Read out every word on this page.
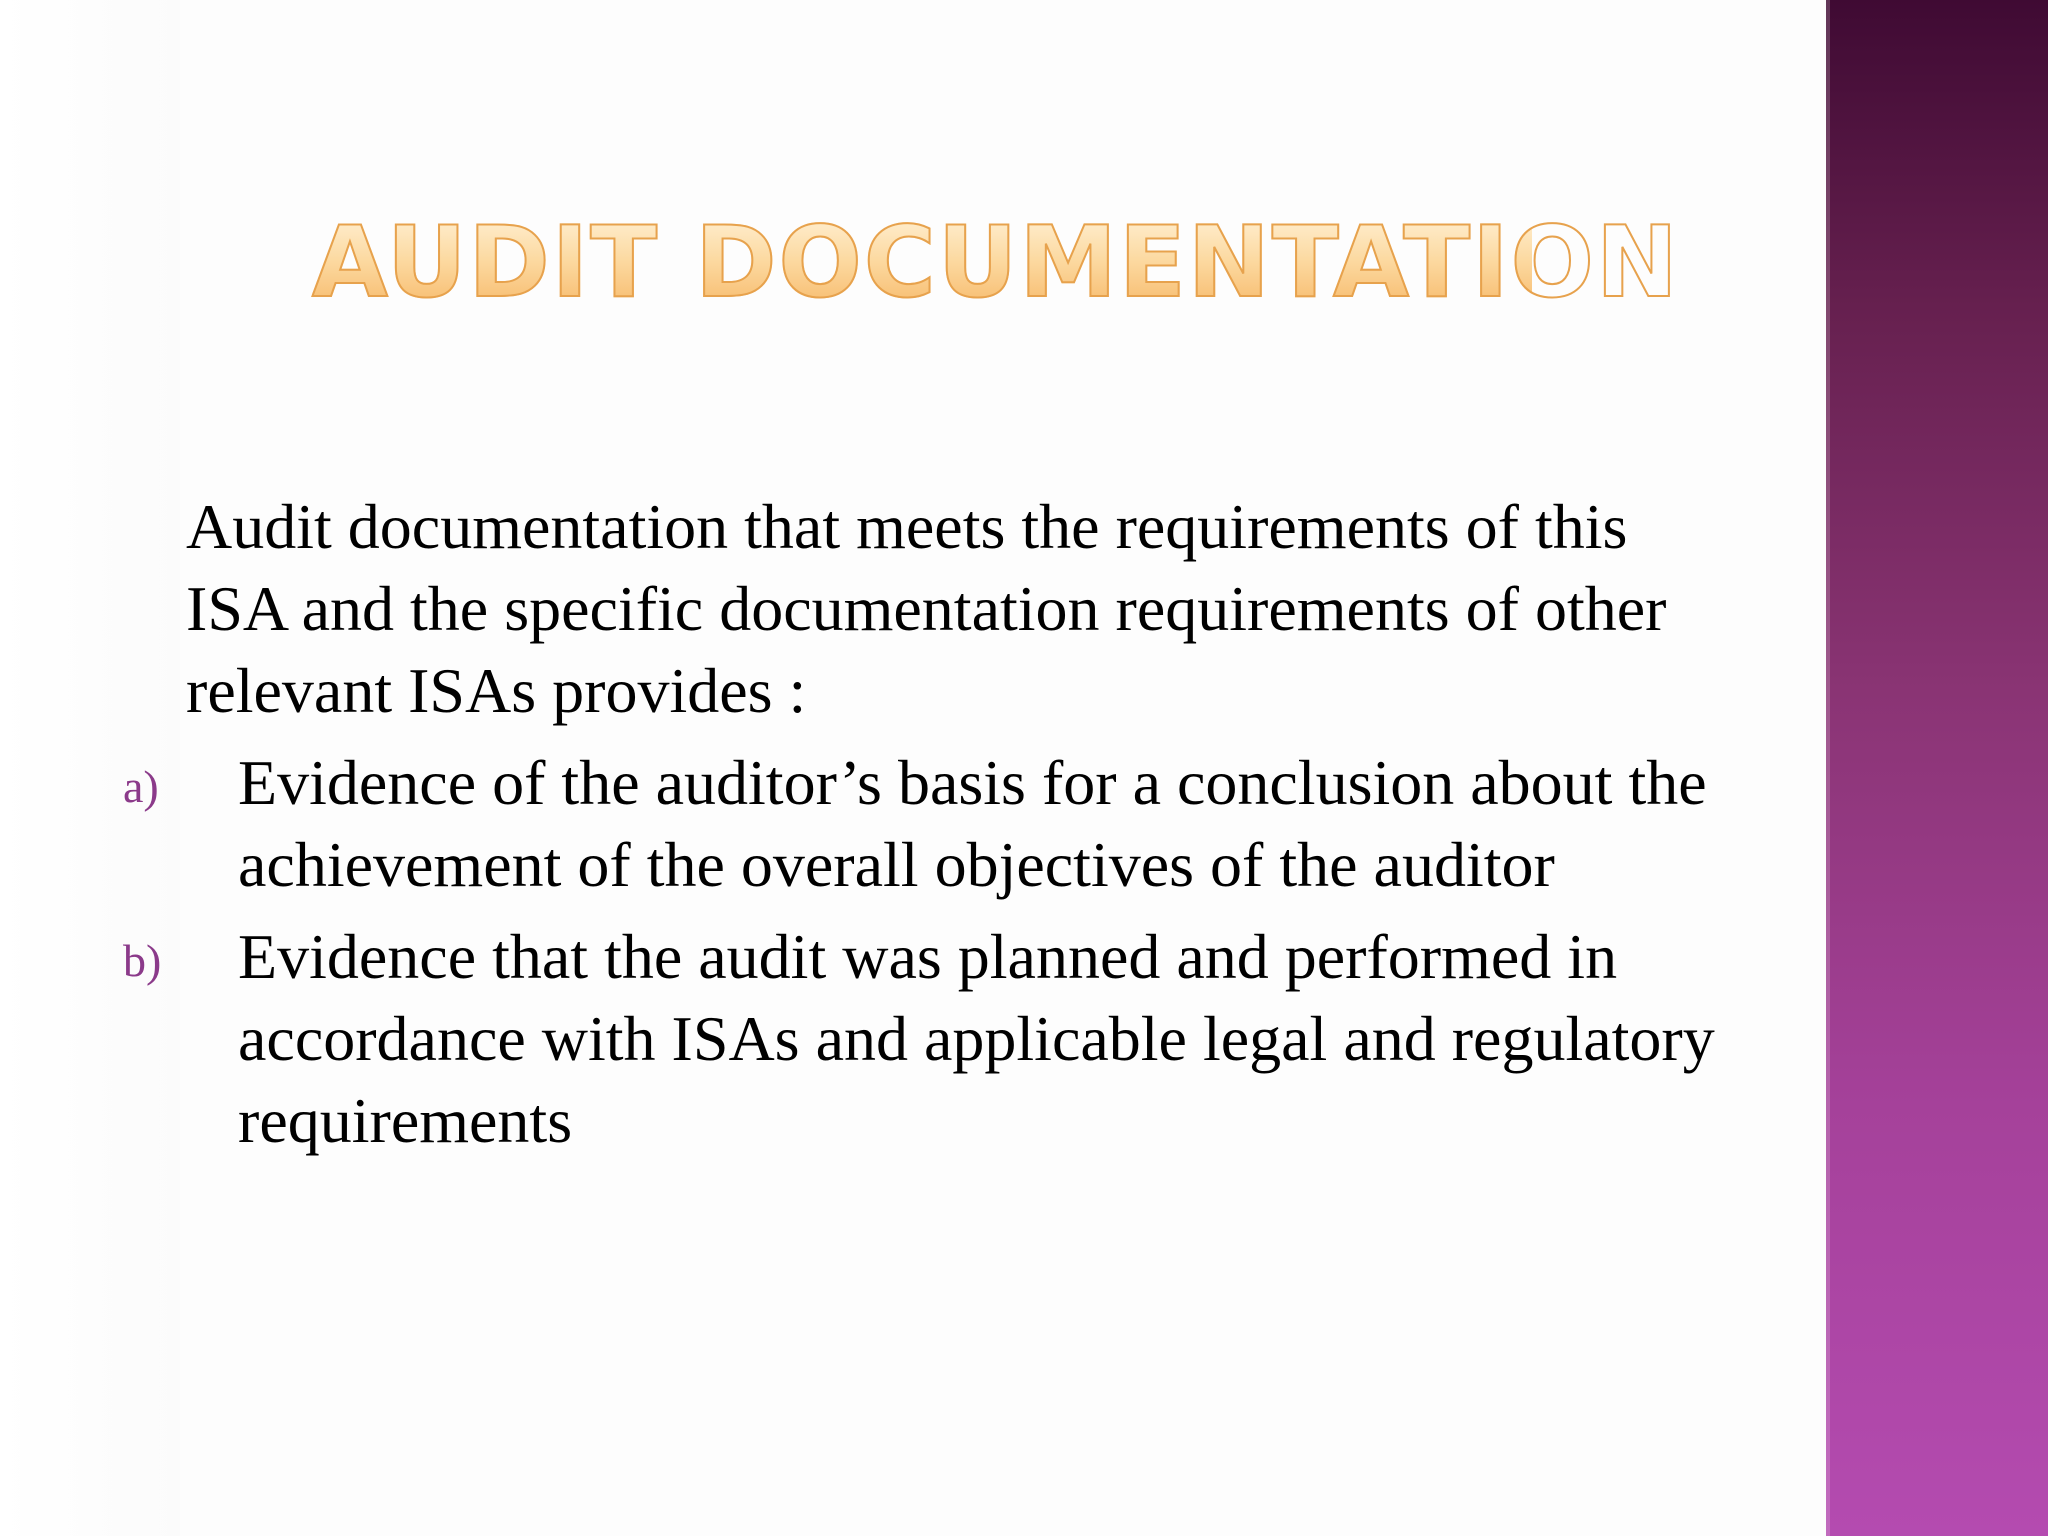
AUDIT DOCUMENTATION

Audit documentation that meets the requirements of this ISA and the specific documentation requirements of other relevant ISAs provides :

a) Evidence of the auditor’s basis for a conclusion about the achievement of the overall objectives of the auditor
b) Evidence that the audit was planned and performed in accordance with ISAs and applicable legal and regulatory requirements
